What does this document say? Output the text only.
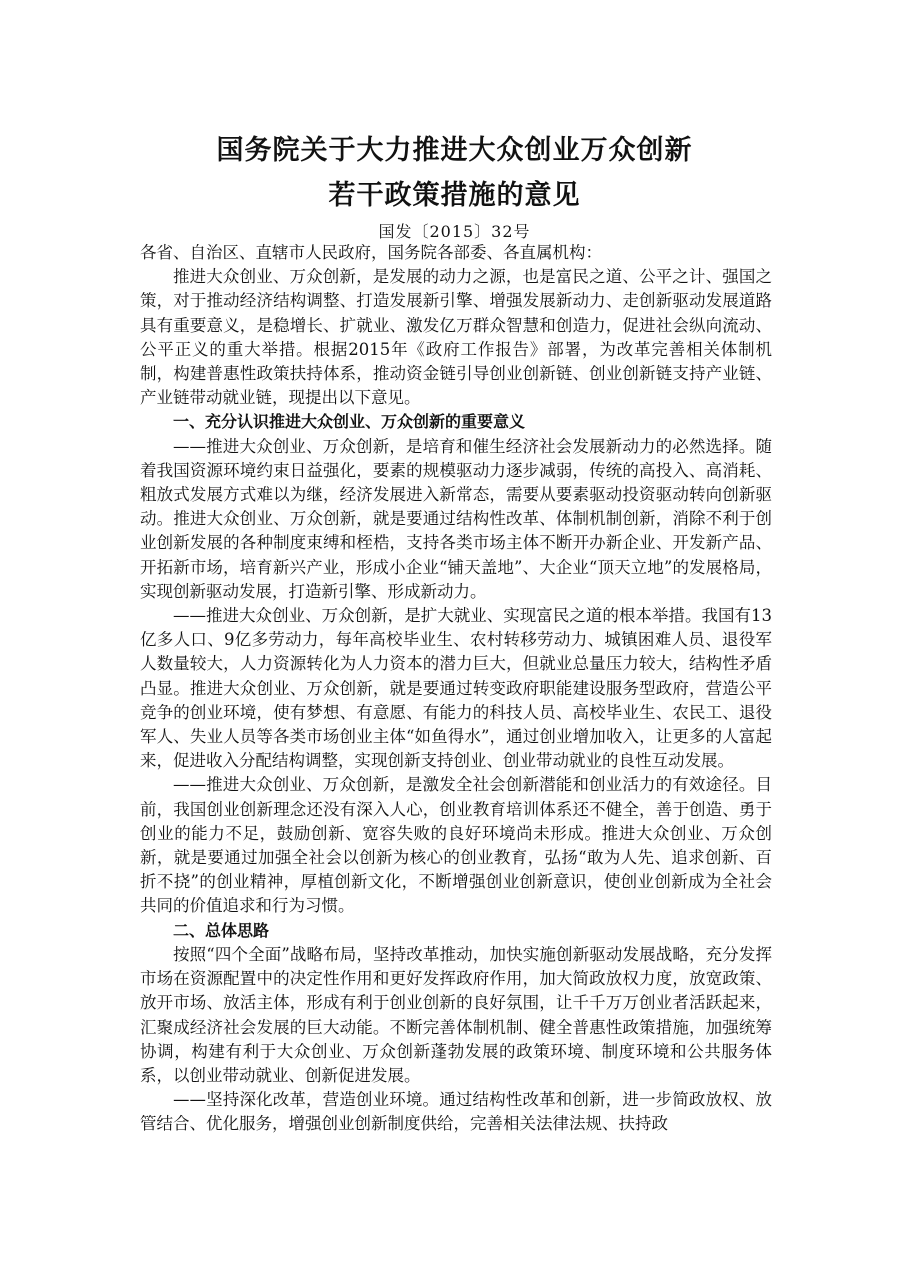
国务院关于大力推进大众创业万众创新
若干政策措施的意见
国发〔2015〕32号

各省、自治区、直辖市人民政府，国务院各部委、各直属机构：

推进大众创业、万众创新，是发展的动力之源，也是富民之道、公平之计、强国之策，对于推动经济结构调整、打造发展新引擎、增强发展新动力、走创新驱动发展道路具有重要意义，是稳增长、扩就业、激发亿万群众智慧和创造力，促进社会纵向流动、公平正义的重大举措。根据2015年《政府工作报告》部署，为改革完善相关体制机制，构建普惠性政策扶持体系，推动资金链引导创业创新链、创业创新链支持产业链、产业链带动就业链，现提出以下意见。

一、充分认识推进大众创业、万众创新的重要意义

——推进大众创业、万众创新，是培育和催生经济社会发展新动力的必然选择。随着我国资源环境约束日益强化，要素的规模驱动力逐步减弱，传统的高投入、高消耗、粗放式发展方式难以为继，经济发展进入新常态，需要从要素驱动投资驱动转向创新驱动。推进大众创业、万众创新，就是要通过结构性改革、体制机制创新，消除不利于创业创新发展的各种制度束缚和桎梏，支持各类市场主体不断开办新企业、开发新产品、开拓新市场，培育新兴产业，形成小企业“铺天盖地”、大企业“顶天立地”的发展格局，实现创新驱动发展，打造新引擎、形成新动力。

——推进大众创业、万众创新，是扩大就业、实现富民之道的根本举措。我国有13亿多人口、9亿多劳动力，每年高校毕业生、农村转移劳动力、城镇困难人员、退役军人数量较大，人力资源转化为人力资本的潜力巨大，但就业总量压力较大，结构性矛盾凸显。推进大众创业、万众创新，就是要通过转变政府职能建设服务型政府，营造公平竞争的创业环境，使有梦想、有意愿、有能力的科技人员、高校毕业生、农民工、退役军人、失业人员等各类市场创业主体“如鱼得水”，通过创业增加收入，让更多的人富起来，促进收入分配结构调整，实现创新支持创业、创业带动就业的良性互动发展。

——推进大众创业、万众创新，是激发全社会创新潜能和创业活力的有效途径。目前，我国创业创新理念还没有深入人心，创业教育培训体系还不健全，善于创造、勇于创业的能力不足，鼓励创新、宽容失败的良好环境尚未形成。推进大众创业、万众创新，就是要通过加强全社会以创新为核心的创业教育，弘扬“敢为人先、追求创新、百折不挠”的创业精神，厚植创新文化，不断增强创业创新意识，使创业创新成为全社会共同的价值追求和行为习惯。

二、总体思路

按照“四个全面”战略布局，坚持改革推动，加快实施创新驱动发展战略，充分发挥市场在资源配置中的决定性作用和更好发挥政府作用，加大简政放权力度，放宽政策、放开市场、放活主体，形成有利于创业创新的良好氛围，让千千万万创业者活跃起来，汇聚成经济社会发展的巨大动能。不断完善体制机制、健全普惠性政策措施，加强统筹协调，构建有利于大众创业、万众创新蓬勃发展的政策环境、制度环境和公共服务体系，以创业带动就业、创新促进发展。

——坚持深化改革，营造创业环境。通过结构性改革和创新，进一步简政放权、放管结合、优化服务，增强创业创新制度供给，完善相关法律法规、扶持政
